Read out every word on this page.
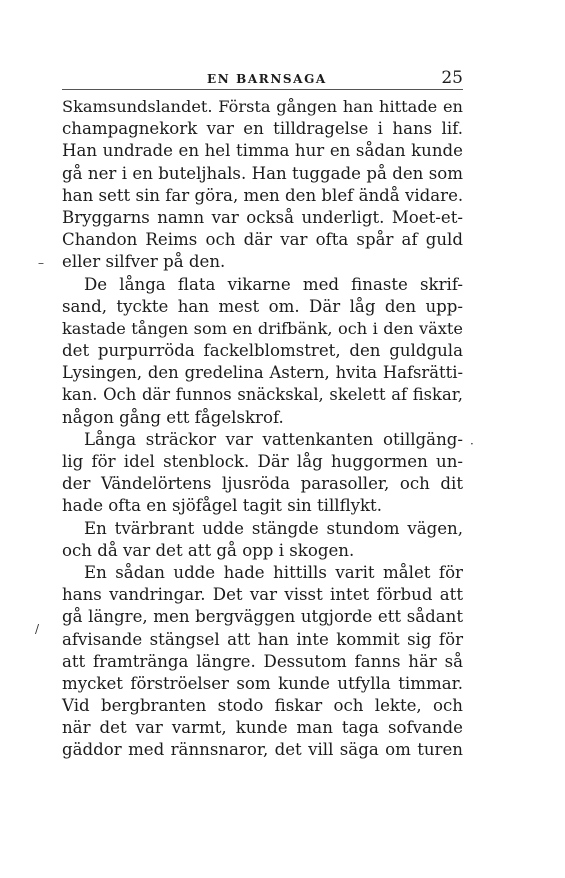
EN BARNSAGA	25
Skamsundslandet. Första gången han hittade en
champagnekork var en tilldragelse i hans lif.
Han undrade en hel timma hur en sådan kunde
gå ner i en buteljhals. Han tuggade på den som
han sett sin far göra, men den blef ändå vidare.
Bryggarns namn var också underligt. Moet-et-
Chandon Reims och där var ofta spår af guld
eller silfver på den.
De långa flata vikarne med finaste skrif-
sand, tyckte han mest om. Där låg den upp-
kastade tången som en drifbänk, och i den växte
det purpurröda fackelblomstret, den guldgula
Lysingen, den gredelina Astern, hvita Hafsrätti-
kan. Och där funnos snäckskal, skelett af fiskar,
någon gång ett fågelskrof.
Långa sträckor var vattenkanten otillgäng-
lig för idel stenblock. Där låg huggormen un-
der Vändelörtens ljusröda parasoller, och dit
hade ofta en sjöfågel tagit sin tillflykt.
En tvärbrant udde stängde stundom vägen,
och då var det att gå opp i skogen.
En sådan udde hade hittills varit målet för
hans vandringar. Det var visst intet förbud att
gå längre, men bergväggen utgjorde ett sådant
afvisande stängsel att han inte kommit sig för
att framtränga längre. Dessutom fanns här så
mycket förströelser som kunde utfylla timmar.
Vid bergbranten stodo fiskar och lekte, och
när det var varmt, kunde man taga sofvande
gäddor med rännsnaror, det vill säga om turen
–
·
/
